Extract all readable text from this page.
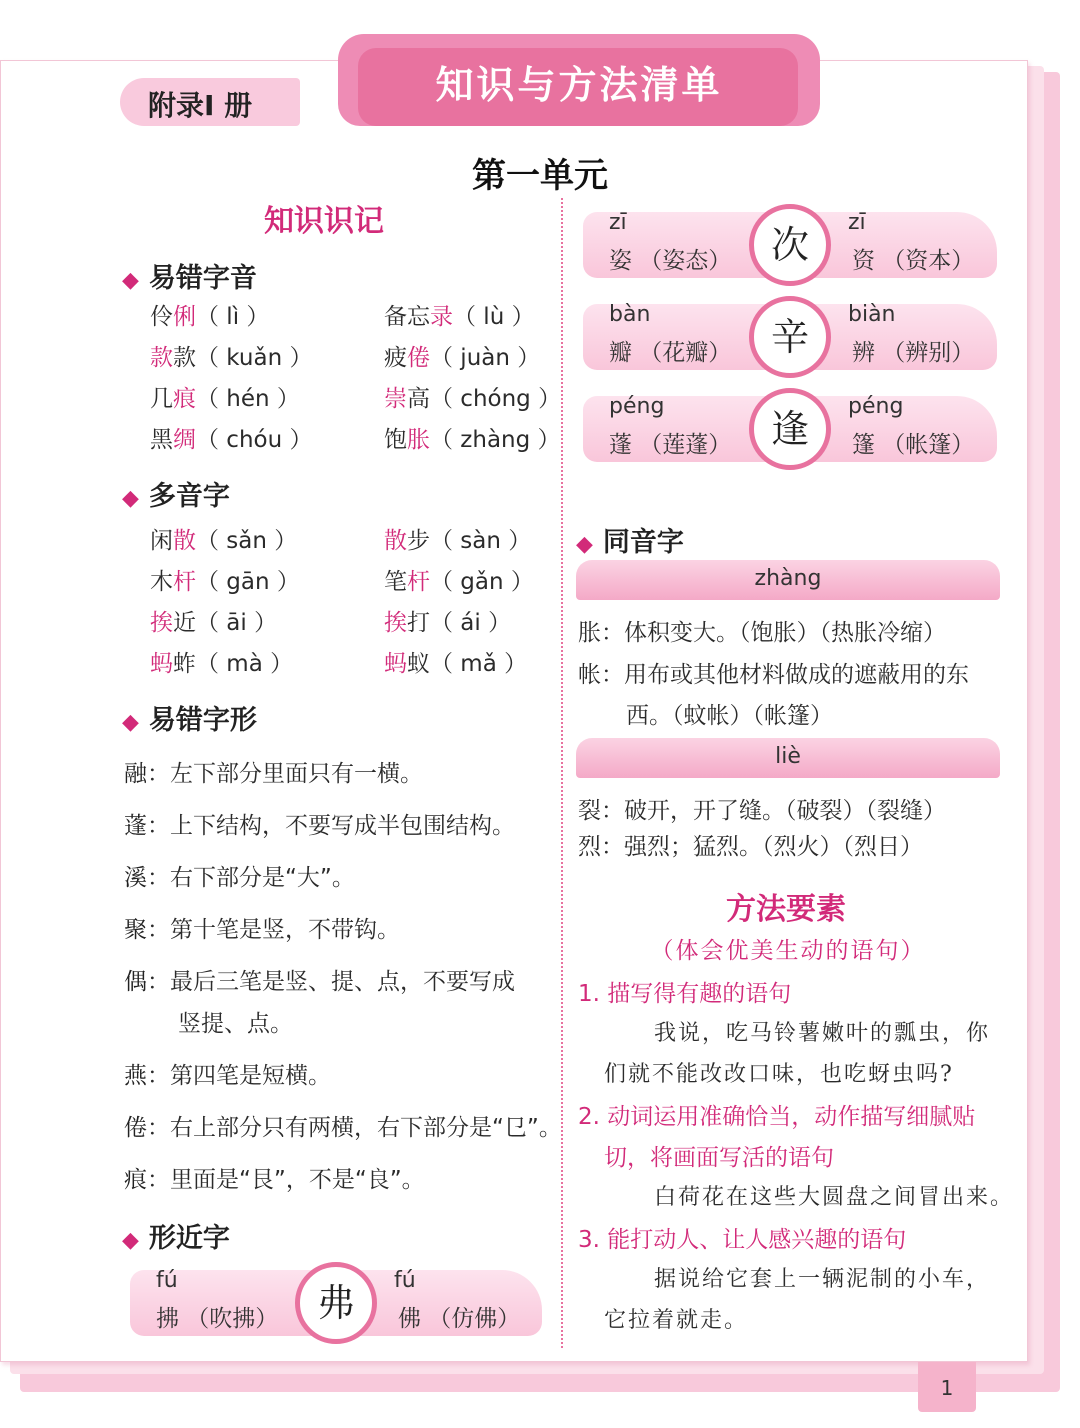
1
知识与方法清单
附录Ⅰ 册
第一单元
知识识记
◆ 易错字音
伶俐（ lì ）	备忘录（ lù ）
款款（ kuǎn ）	疲倦（ juàn ）
几痕（ hén ）	崇高（ chóng ）
黑绸（ chóu ）	饱胀（ zhàng ）
◆ 多音字
闲散（ sǎn ）	散步（ sàn ）
木杆（ gān ）	笔杆（ gǎn ）
挨近（ āi ）	挨打（ ái ）
蚂蚱（ mà ）	蚂蚁（ mǎ ）
◆ 易错字形
融：左下部分里面只有一横。
蓬：上下结构，不要写成半包围结构。
溪：右下部分是“大”。
聚：第十笔是竖，不带钩。
偶：最后三笔是竖、提、点，不要写成
竖提、点。
燕：第四笔是短横。
倦：右上部分只有两横，右下部分是“㔾”。
痕：里面是“艮”，不是“良”。
◆ 形近字
fú
拂 （吹拂）
fú
佛 （仿佛）
弗
zī
姿 （姿态）
zī
资 （资本）
次
bàn
瓣 （花瓣）
biàn
辨 （辨别）
辛
péng
蓬 （莲蓬）
péng
篷 （帐篷）
逢
◆ 同音字
zhàng
胀：体积变大。（饱胀）（热胀冷缩）
帐：用布或其他材料做成的遮蔽用的东
西。（蚊帐）（帐篷）
liè
裂：破开，开了缝。（破裂）（裂缝）
烈：强烈；猛烈。（烈火）（烈日）
方法要素
（体会优美生动的语句）
1. 描写得有趣的语句
我说，吃马铃薯嫩叶的瓢虫，你
们就不能改改口味，也吃蚜虫吗?
2. 动词运用准确恰当，动作描写细腻贴
切，将画面写活的语句
白荷花在这些大圆盘之间冒出来。
3. 能打动人、让人感兴趣的语句
据说给它套上一辆泥制的小车，
它拉着就走。
